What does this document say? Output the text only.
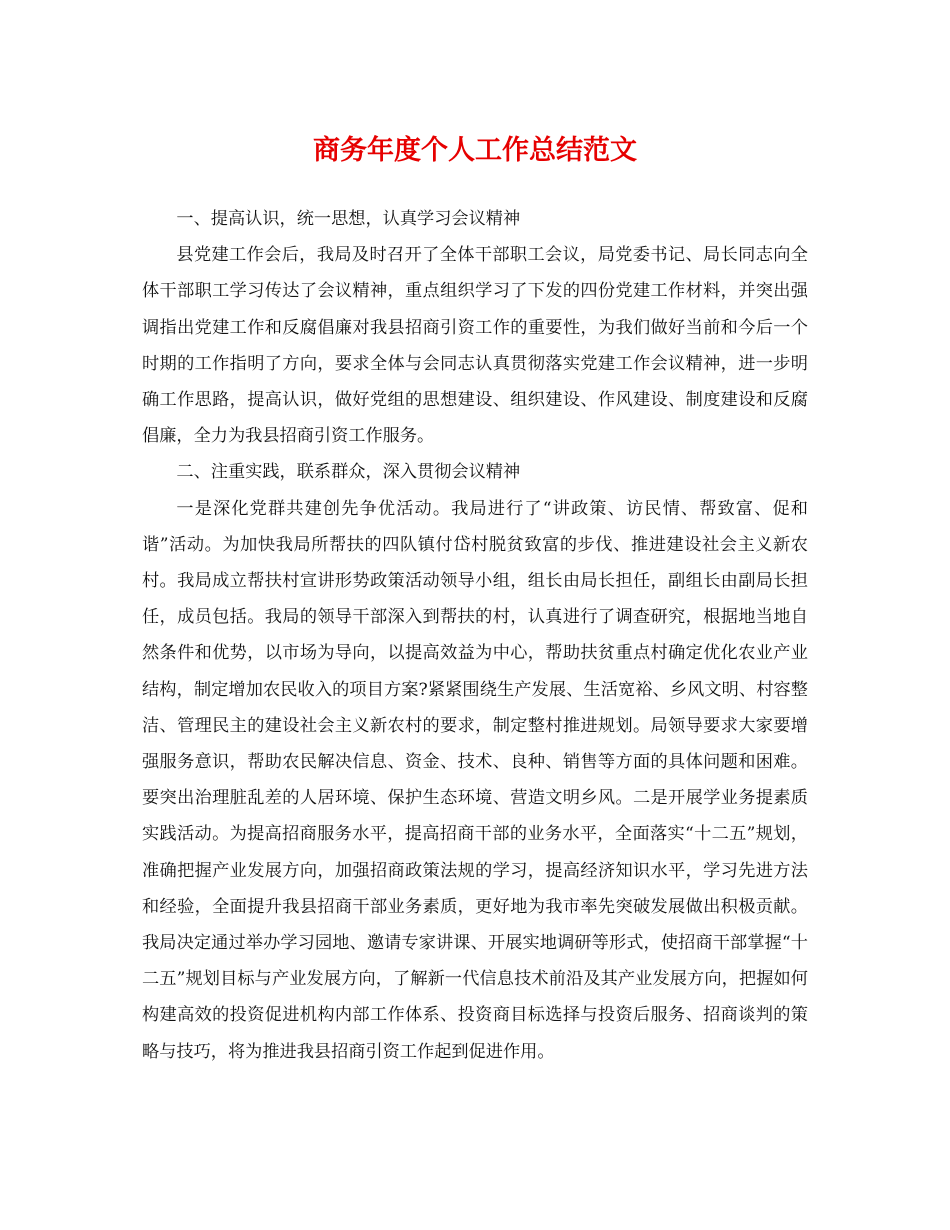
商务年度个人工作总结范文

一、提高认识，统一思想，认真学习会议精神

县党建工作会后，我局及时召开了全体干部职工会议，局党委书记、局长同志向全体干部职工学习传达了会议精神，重点组织学习了下发的四份党建工作材料，并突出强调指出党建工作和反腐倡廉对我县招商引资工作的重要性，为我们做好当前和今后一个时期的工作指明了方向，要求全体与会同志认真贯彻落实党建工作会议精神，进一步明确工作思路，提高认识，做好党组的思想建设、组织建设、作风建设、制度建设和反腐倡廉，全力为我县招商引资工作服务。

二、注重实践，联系群众，深入贯彻会议精神

一是深化党群共建创先争优活动。我局进行了“讲政策、访民情、帮致富、促和谐”活动。为加快我局所帮扶的四队镇付岱村脱贫致富的步伐、推进建设社会主义新农村。我局成立帮扶村宣讲形势政策活动领导小组，组长由局长担任，副组长由副局长担任，成员包括。我局的领导干部深入到帮扶的村，认真进行了调查研究，根据地当地自然条件和优势，以市场为导向，以提高效益为中心，帮助扶贫重点村确定优化农业产业结构，制定增加农民收入的项目方案?紧紧围绕生产发展、生活宽裕、乡风文明、村容整洁、管理民主的建设社会主义新农村的要求，制定整村推进规划。局领导要求大家要增强服务意识，帮助农民解决信息、资金、技术、良种、销售等方面的具体问题和困难。要突出治理脏乱差的人居环境、保护生态环境、营造文明乡风。二是开展学业务提素质实践活动。为提高招商服务水平，提高招商干部的业务水平，全面落实“十二五”规划，准确把握产业发展方向，加强招商政策法规的学习，提高经济知识水平，学习先进方法和经验，全面提升我县招商干部业务素质，更好地为我市率先突破发展做出积极贡献。我局决定通过举办学习园地、邀请专家讲课、开展实地调研等形式，使招商干部掌握“十二五”规划目标与产业发展方向，了解新一代信息技术前沿及其产业发展方向，把握如何构建高效的投资促进机构内部工作体系、投资商目标选择与投资后服务、招商谈判的策略与技巧，将为推进我县招商引资工作起到促进作用。
